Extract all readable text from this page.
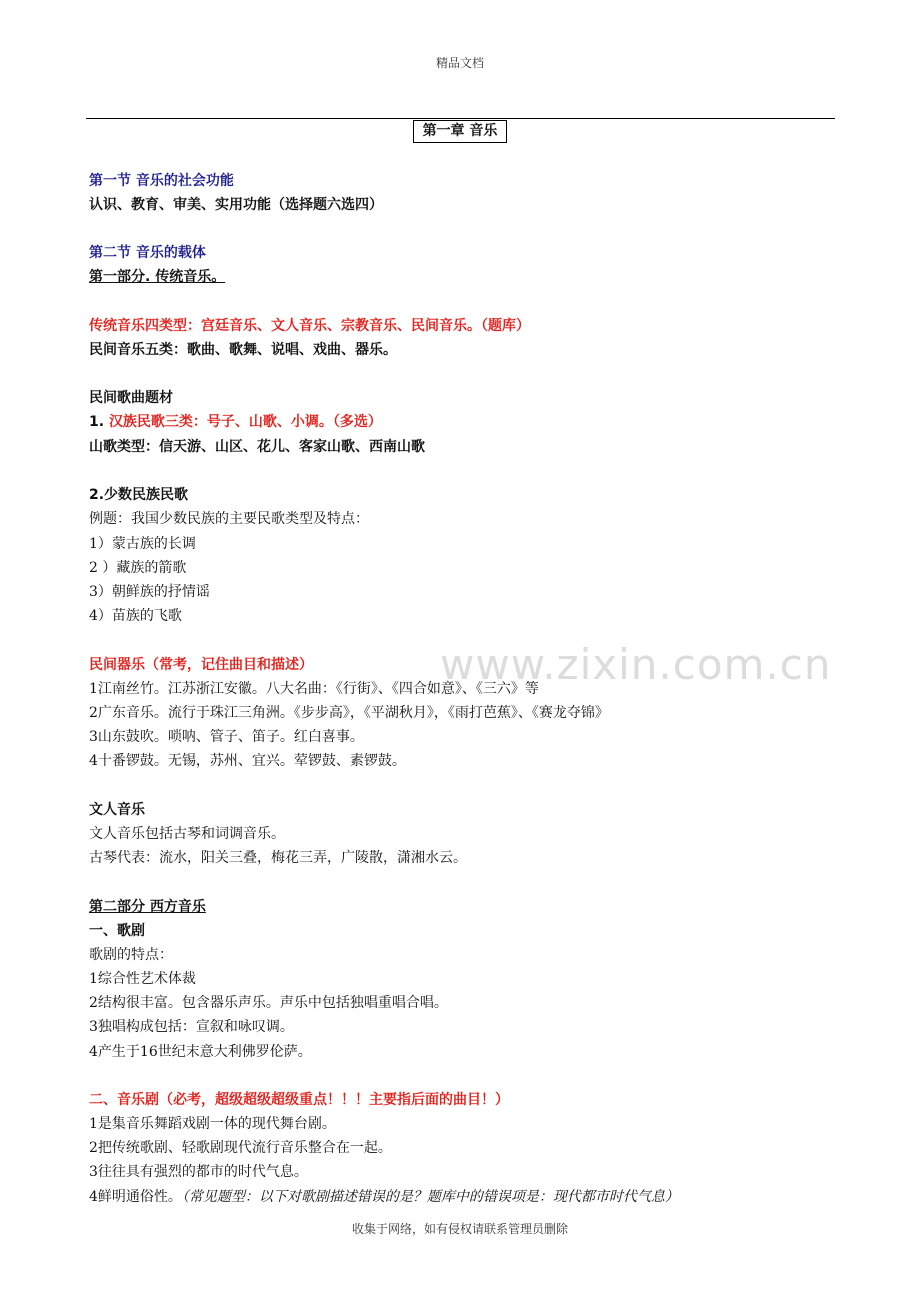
精品文档
第一章 音乐
www.zixin.com.cn
第一节 音乐的社会功能
认识、教育、审美、实用功能（选择题六选四）
第二节 音乐的载体
第一部分. 传统音乐。
传统音乐四类型：宫廷音乐、文人音乐、宗教音乐、民间音乐。（题库）
民间音乐五类：歌曲、歌舞、说唱、戏曲、器乐。
民间歌曲题材
1. 汉族民歌三类：号子、山歌、小调。（多选）
山歌类型：信天游、山区、花儿、客家山歌、西南山歌
2.少数民族民歌
例题：我国少数民族的主要民歌类型及特点：
1）蒙古族的长调
2 ）藏族的箭歌
3）朝鲜族的抒情谣
4）苗族的飞歌
民间器乐（常考，记住曲目和描述）
1江南丝竹。江苏浙江安徽。八大名曲：《行街》、《四合如意》、《三六》等
2广东音乐。流行于珠江三角洲。《步步高》，《平湖秋月》，《雨打芭蕉》、《赛龙夺锦》
3山东鼓吹。唢呐、管子、笛子。红白喜事。
4十番锣鼓。无锡，苏州、宜兴。荤锣鼓、素锣鼓。
文人音乐
文人音乐包括古琴和词调音乐。
古琴代表：流水，阳关三叠，梅花三弄，广陵散，潇湘水云。
第二部分 西方音乐
一、歌剧
歌剧的特点：
1综合性艺术体裁
2结构很丰富。包含器乐声乐。声乐中包括独唱重唱合唱。
3独唱构成包括：宣叙和咏叹调。
4产生于16世纪末意大利佛罗伦萨。
二、音乐剧（必考，超级超级超级重点！！！主要指后面的曲目！）
1是集音乐舞蹈戏剧一体的现代舞台剧。
2把传统歌剧、轻歌剧现代流行音乐整合在一起。
3往往具有强烈的都市的时代气息。
4鲜明通俗性。（常见题型：以下对歌剧描述错误的是？题库中的错误项是：现代都市时代气息）
收集于网络，如有侵权请联系管理员删除
